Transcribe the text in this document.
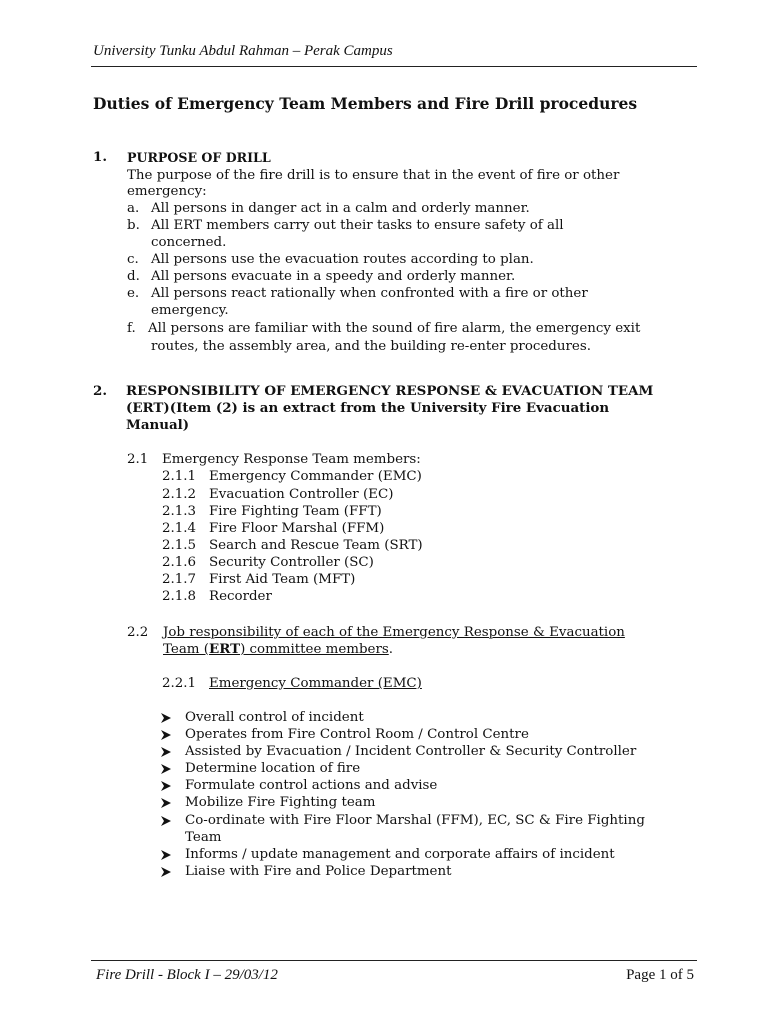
University Tunku Abdul Rahman – Perak Campus
Duties of Emergency Team Members and Fire Drill procedures
1. PURPOSE OF DRILL
The purpose of the fire drill is to ensure that in the event of fire or other
emergency:
a. All persons in danger act in a calm and orderly manner.
b. All ERT members carry out their tasks to ensure safety of all
concerned.
c. All persons use the evacuation routes according to plan.
d. All persons evacuate in a speedy and orderly manner.
e. All persons react rationally when confronted with a fire or other
emergency.
f. All persons are familiar with the sound of fire alarm, the emergency exit
routes, the assembly area, and the building re-enter procedures.
2. RESPONSIBILITY OF EMERGENCY RESPONSE & EVACUATION TEAM
(ERT)(Item (2) is an extract from the University Fire Evacuation
Manual)
2.1 Emergency Response Team members:
2.1.1 Emergency Commander (EMC)
2.1.2 Evacuation Controller (EC)
2.1.3 Fire Fighting Team (FFT)
2.1.4 Fire Floor Marshal (FFM)
2.1.5 Search and Rescue Team (SRT)
2.1.6 Security Controller (SC)
2.1.7 First Aid Team (MFT)
2.1.8 Recorder
2.2 Job responsibility of each of the Emergency Response & Evacuation
Team (ERT) committee members.
2.2.1 Emergency Commander (EMC)
Overall control of incident
Operates from Fire Control Room / Control Centre
Assisted by Evacuation / Incident Controller & Security Controller
Determine location of fire
Formulate control actions and advise
Mobilize Fire Fighting team
Co-ordinate with Fire Floor Marshal (FFM), EC, SC & Fire Fighting
Team
Informs / update management and corporate affairs of incident
Liaise with Fire and Police Department
Fire Drill - Block I – 29/03/12	Page 1 of 5
